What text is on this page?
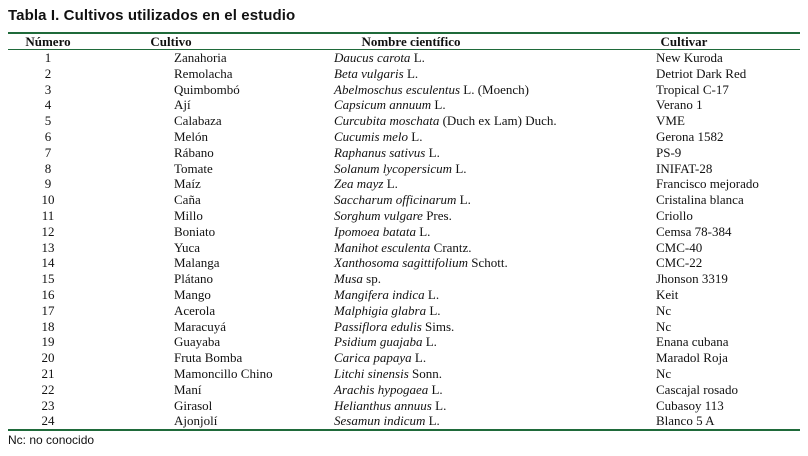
Tabla I. Cultivos utilizados en el estudio
Número	Cultivo	Nombre científico	Cultivar
1	Zanahoria	Daucus carota L.	New Kuroda
2	Remolacha	Beta vulgaris L.	Detriot Dark Red
3	Quimbombó	Abelmoschus esculentus L. (Moench)	Tropical C-17
4	Ají	Capsicum annuum L.	Verano 1
5	Calabaza	Curcubita moschata (Duch ex Lam) Duch.	VME
6	Melón	Cucumis melo L.	Gerona 1582
7	Rábano	Raphanus sativus L.	PS-9
8	Tomate	Solanum lycopersicum L.	INIFAT-28
9	Maíz	Zea mayz L.	Francisco mejorado
10	Caña	Saccharum officinarum L.	Cristalina blanca
11	Millo	Sorghum vulgare Pres.	Criollo
12	Boniato	Ipomoea batata L.	Cemsa 78-384
13	Yuca	Manihot esculenta Crantz.	CMC-40
14	Malanga	Xanthosoma sagittifolium Schott.	CMC-22
15	Plátano	Musa sp.	Jhonson 3319
16	Mango	Mangifera indica L.	Keit
17	Acerola	Malphigia glabra L.	Nc
18	Maracuyá	Passiflora edulis Sims.	Nc
19	Guayaba	Psidium guajaba L.	Enana cubana
20	Fruta Bomba	Carica papaya L.	Maradol Roja
21	Mamoncillo Chino	Litchi sinensis Sonn.	Nc
22	Maní	Arachis hypogaea L.	Cascajal rosado
23	Girasol	Helianthus annuus L.	Cubasoy 113
24	Ajonjolí	Sesamun indicum L.	Blanco 5 A
Nc: no conocido
